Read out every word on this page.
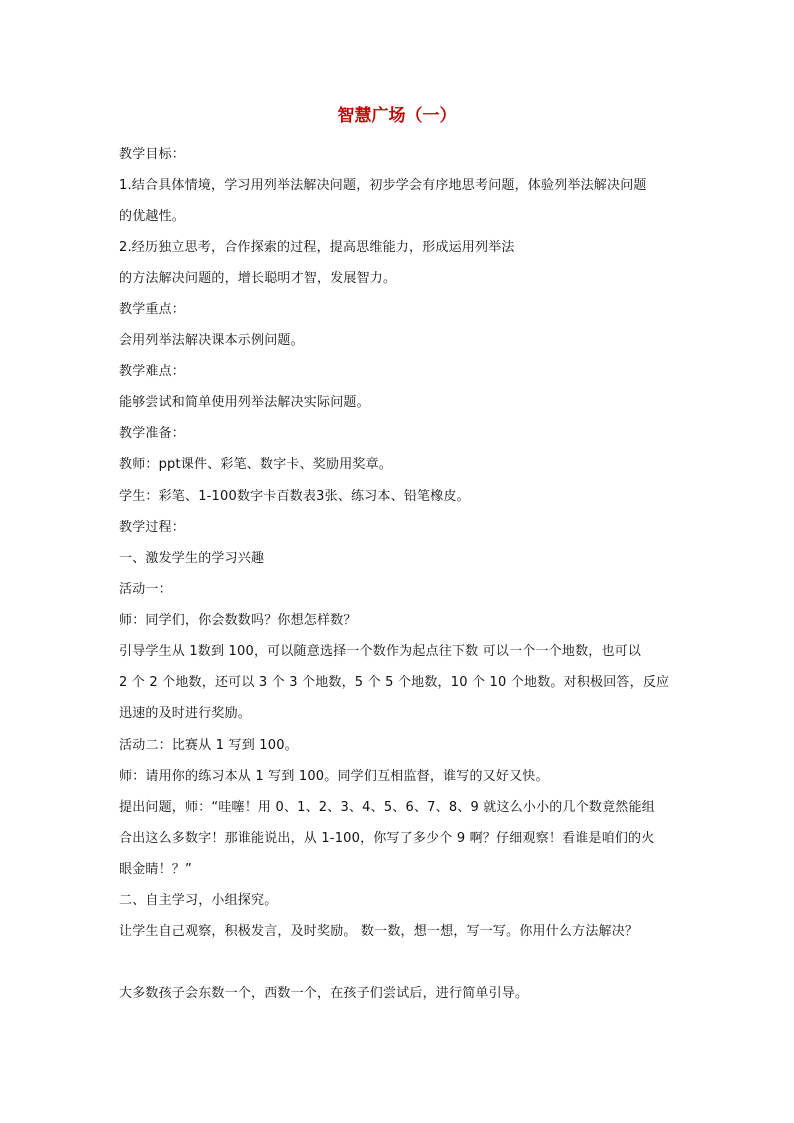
智慧广场（一）
教学目标：
1.结合具体情境，学习用列举法解决问题，初步学会有序地思考问题，体验列举法解决问题
的优越性。
2.经历独立思考，合作探索的过程，提高思维能力，形成运用列举法
的方法解决问题的，增长聪明才智，发展智力。
教学重点：
会用列举法解决课本示例问题。
教学难点：
能够尝试和简单使用列举法解决实际问题。
教学准备：
教师：ppt课件、彩笔、数字卡、奖励用奖章。
学生：彩笔、1-100数字卡百数表3张、练习本、铅笔橡皮。
教学过程：
一、激发学生的学习兴趣
活动一：
师：同学们，你会数数吗？你想怎样数？
引导学生从 1数到 100，可以随意选择一个数作为起点往下数 可以一个一个地数，也可以
2 个 2 个地数，还可以 3 个 3 个地数，5 个 5 个地数，10 个 10 个地数。对积极回答，反应
迅速的及时进行奖励。
活动二：比赛从 1 写到 100。
师：请用你的练习本从 1 写到 100。同学们互相监督，谁写的又好又快。
提出问题，师：“哇噻！用 0、1、2、3、4、5、6、7、8、9 就这么小小的几个数竟然能组
合出这么多数字！那谁能说出，从 1-100，你写了多少个 9 啊？仔细观察！看谁是咱们的火
眼金睛！？”
二、自主学习，小组探究。
让学生自己观察，积极发言，及时奖励。 数一数，想一想，写一写。你用什么方法解决？
大多数孩子会东数一个，西数一个，在孩子们尝试后，进行简单引导。
